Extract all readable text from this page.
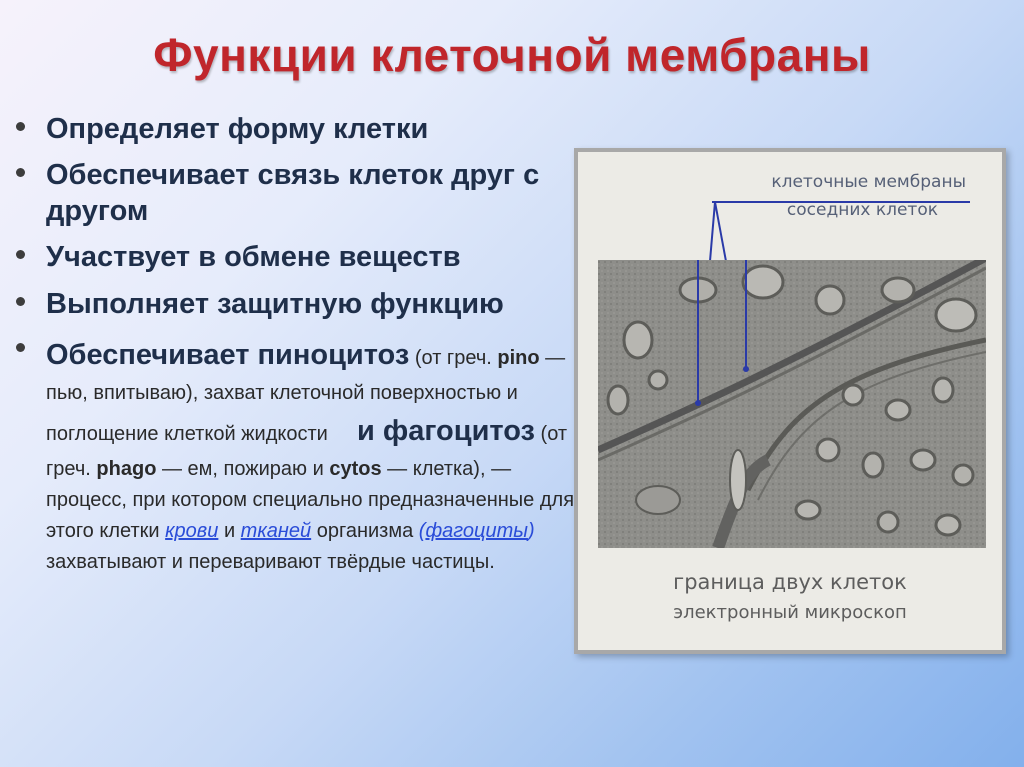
Функции клеточной мембраны
Определяет форму клетки
Обеспечивает связь клеток друг с другом
Участвует в обмене веществ
Выполняет защитную функцию
Обеспечивает пиноцитоз (от греч. pino — пью, впитываю), захват клеточной поверхностью и поглощение клеткой жидкости и фагоцитоз (от греч. phago — ем, пожираю и cytos — клетка), — процесс, при котором специально предназначенные для этого клетки крови и тканей организма (фагоциты) захватывают и переваривают твёрдые частицы.
клеточные мембраны
соседних клеток
граница двух клеток
электронный микроскоп
